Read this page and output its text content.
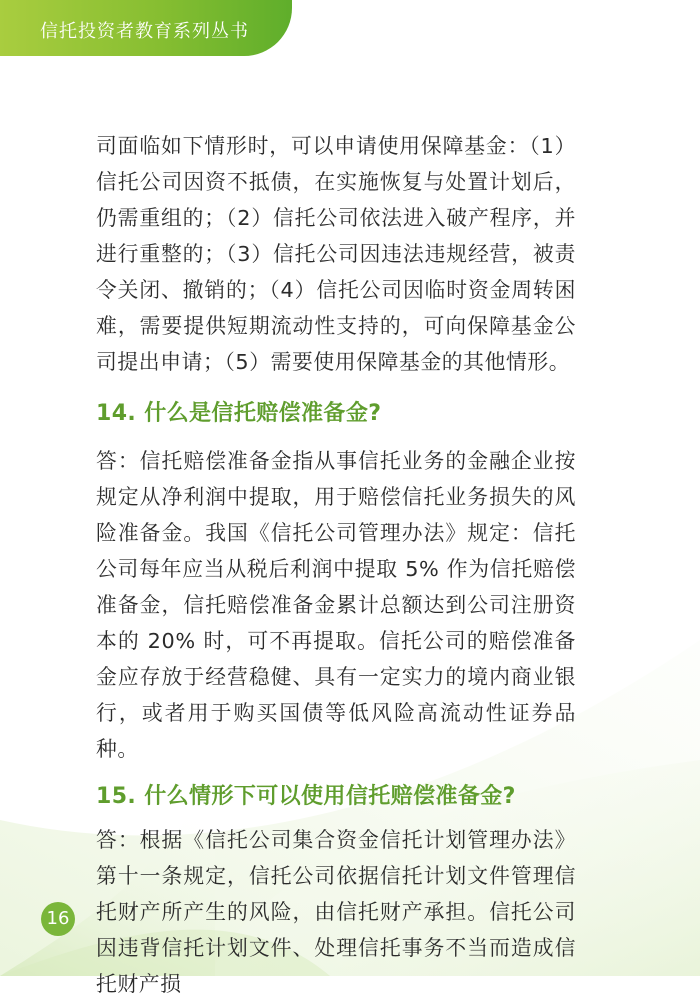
信托投资者教育系列丛书

司面临如下情形时，可以申请使用保障基金：（1）信托公司因资不抵债，在实施恢复与处置计划后，仍需重组的；（2）信托公司依法进入破产程序，并进行重整的；（3）信托公司因违法违规经营，被责令关闭、撤销的；（4）信托公司因临时资金周转困难，需要提供短期流动性支持的，可向保障基金公司提出申请；（5）需要使用保障基金的其他情形。

14. 什么是信托赔偿准备金?

答：信托赔偿准备金指从事信托业务的金融企业按规定从净利润中提取，用于赔偿信托业务损失的风险准备金。我国《信托公司管理办法》规定：信托公司每年应当从税后利润中提取 5% 作为信托赔偿准备金，信托赔偿准备金累计总额达到公司注册资本的 20% 时，可不再提取。信托公司的赔偿准备金应存放于经营稳健、具有一定实力的境内商业银行，或者用于购买国债等低风险高流动性证券品种。

15. 什么情形下可以使用信托赔偿准备金?

答：根据《信托公司集合资金信托计划管理办法》第十一条规定，信托公司依据信托计划文件管理信托财产所产生的风险，由信托财产承担。信托公司因违背信托计划文件、处理信托事务不当而造成信托财产损

16
